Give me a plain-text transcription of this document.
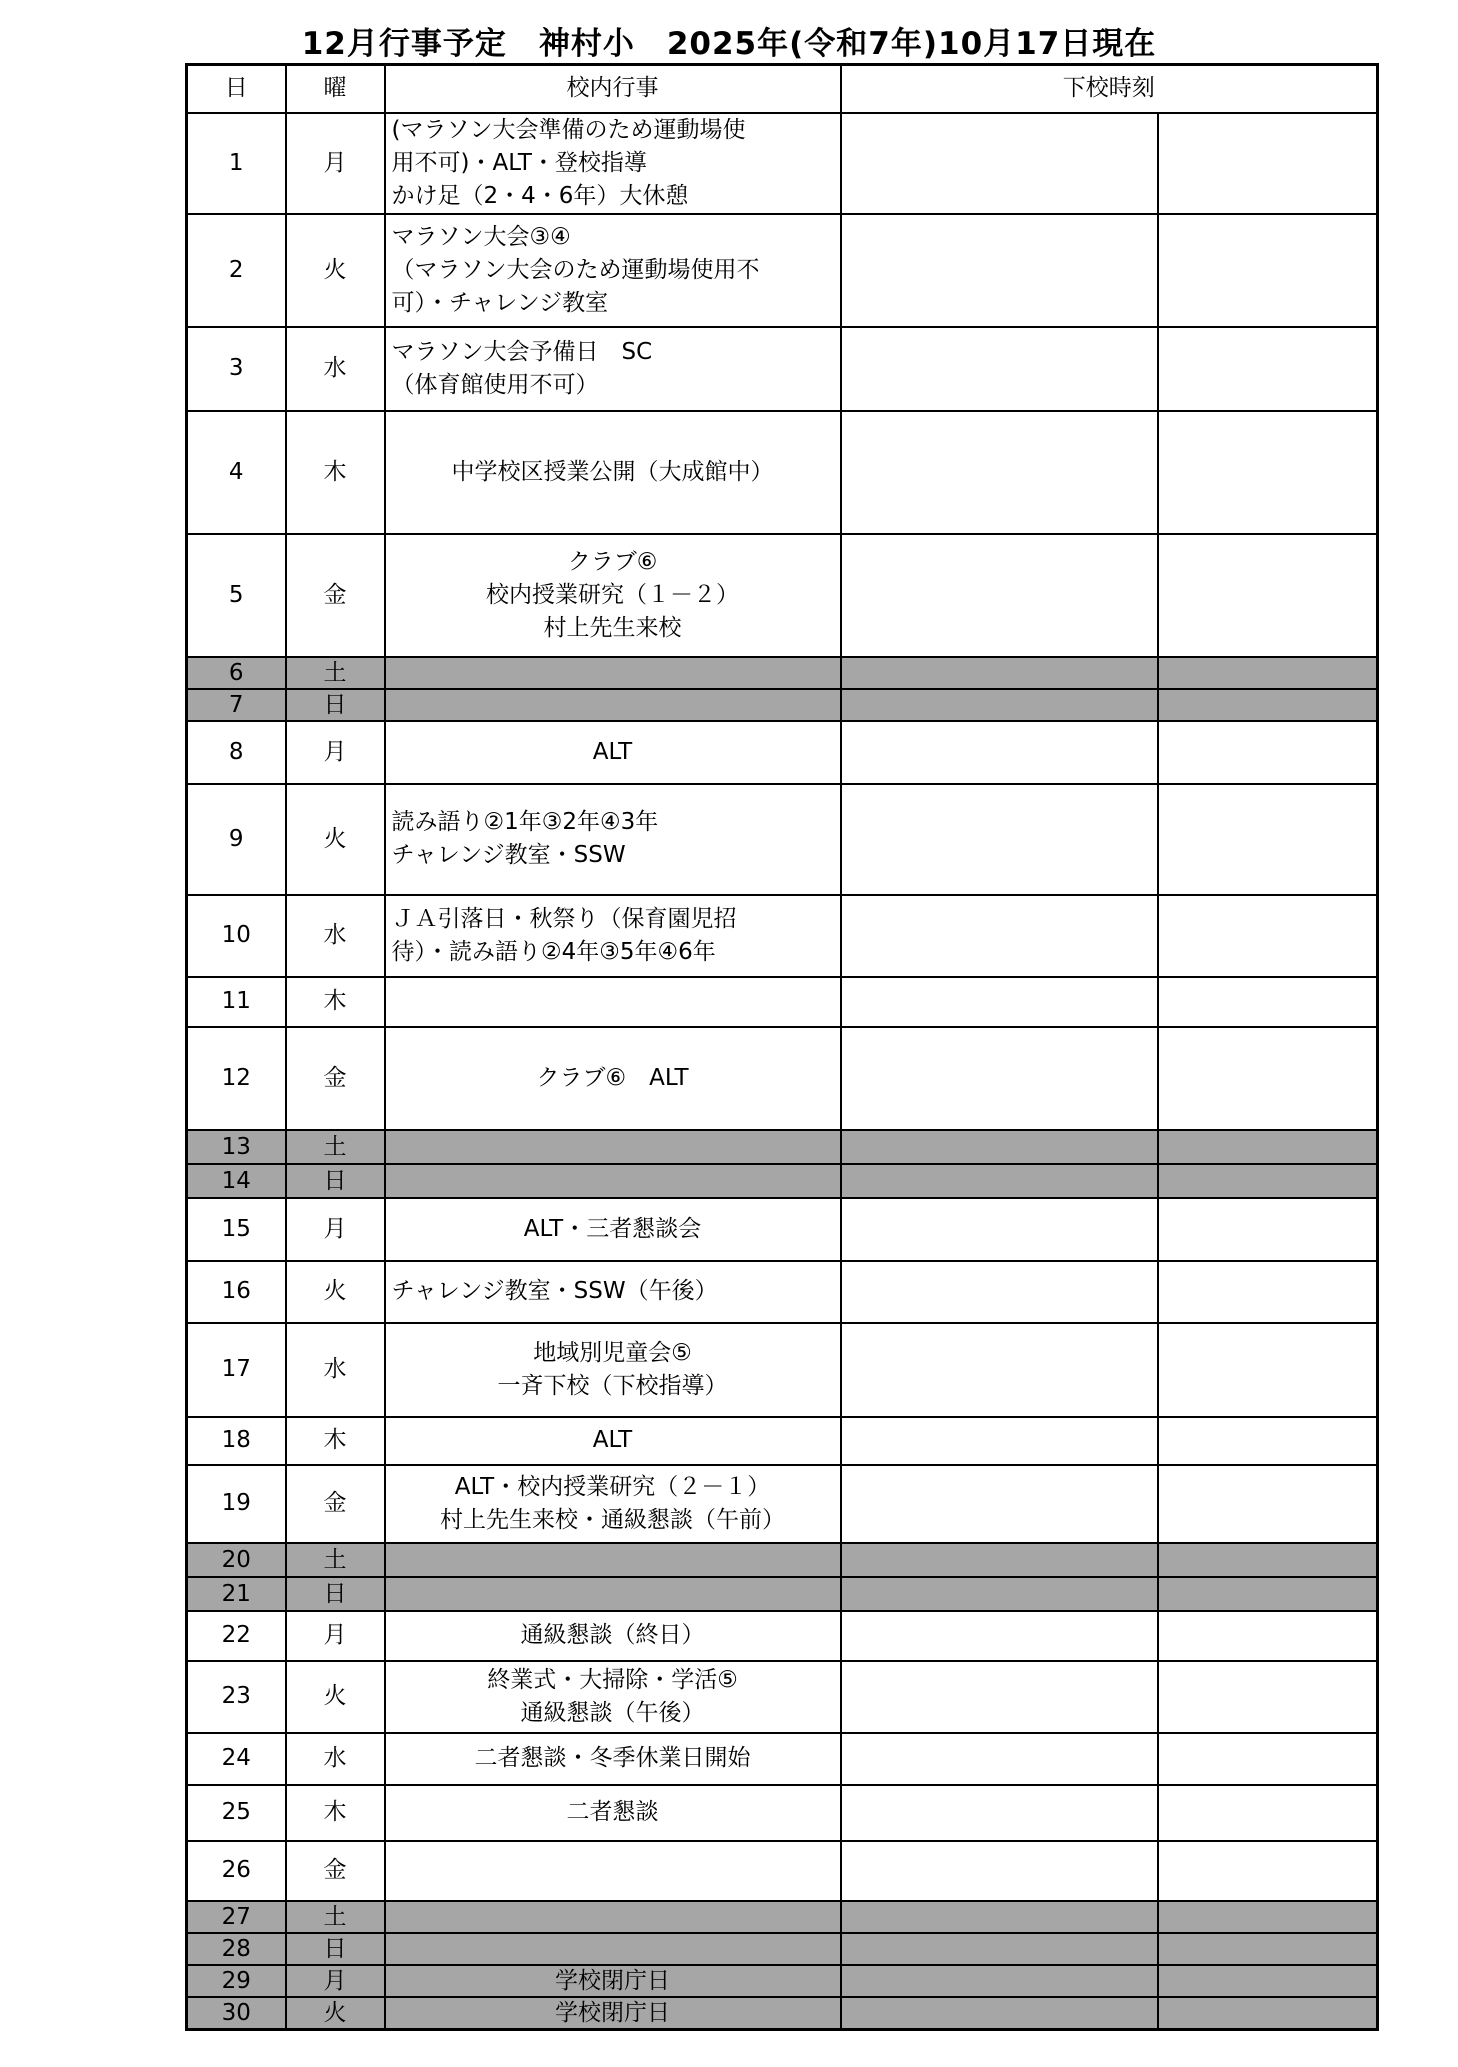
12月行事予定　神村小　2025年(令和7年)10月17日現在
日	曜	校内行事	下校時刻	
1	月	(マラソン大会準備のため運動場使
用不可)・ALT・登校指導
かけ足（2・4・6年）大休憩		
2	火	マラソン大会③④
（マラソン大会のため運動場使用不
可）・チャレンジ教室		
3	水	マラソン大会予備日　SC
（体育館使用不可）		
4	木	中学校区授業公開（大成館中）		
5	金	クラブ⑥
校内授業研究（１－２）
村上先生来校		
6	土			
7	日			
8	月	ALT		
9	火	読み語り②1年③2年④3年
チャレンジ教室・SSW		
10	水	ＪＡ引落日・秋祭り（保育園児招
待）・読み語り②4年③5年④6年		
11	木			
12	金	クラブ⑥　ALT		
13	土			
14	日			
15	月	ALT・三者懇談会		
16	火	チャレンジ教室・SSW（午後）		
17	水	地域別児童会⑤
一斉下校（下校指導）		
18	木	ALT		
19	金	ALT・校内授業研究（２－１）
村上先生来校・通級懇談（午前）		
20	土			
21	日			
22	月	通級懇談（終日）		
23	火	終業式・大掃除・学活⑤
通級懇談（午後）		
24	水	二者懇談・冬季休業日開始		
25	木	二者懇談		
26	金			
27	土			
28	日			
29	月	学校閉庁日		
30	火	学校閉庁日		
